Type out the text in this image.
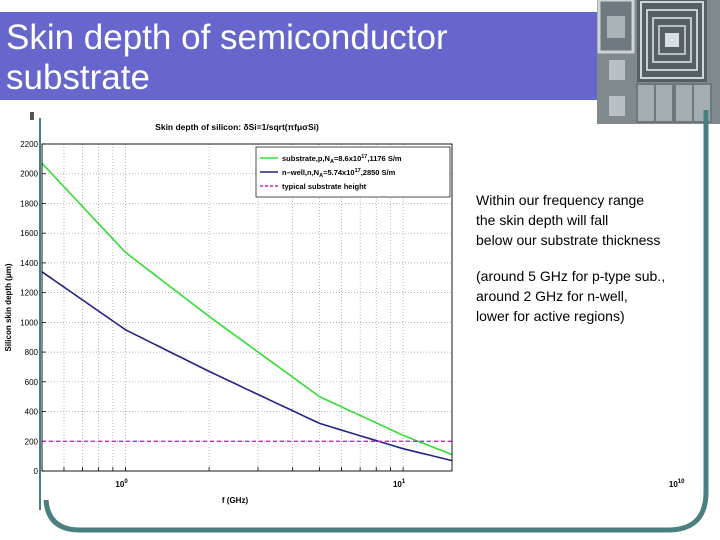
Skin depth of semiconductor
substrate
0
200
400
600
800
1000
1200
1400
1600
1800
2000
2200
$10^0$	$10^1$	$10^{10}$
Skin depth of silicon: δSi=1/sqrt(πfμσSi)
f (GHz)
Silicon skin depth (μm)
$substrate,p,N_A=8.6x10^{17},1176$ S/m
$n-well,n,N_A=5.74x10^{17},2850$ S/m
typical substrate height
Within our frequency range
the skin depth will fall
below our substrate thickness
(around 5 GHz for p-type sub.,
around 2 GHz for n-well,
lower for active regions)
